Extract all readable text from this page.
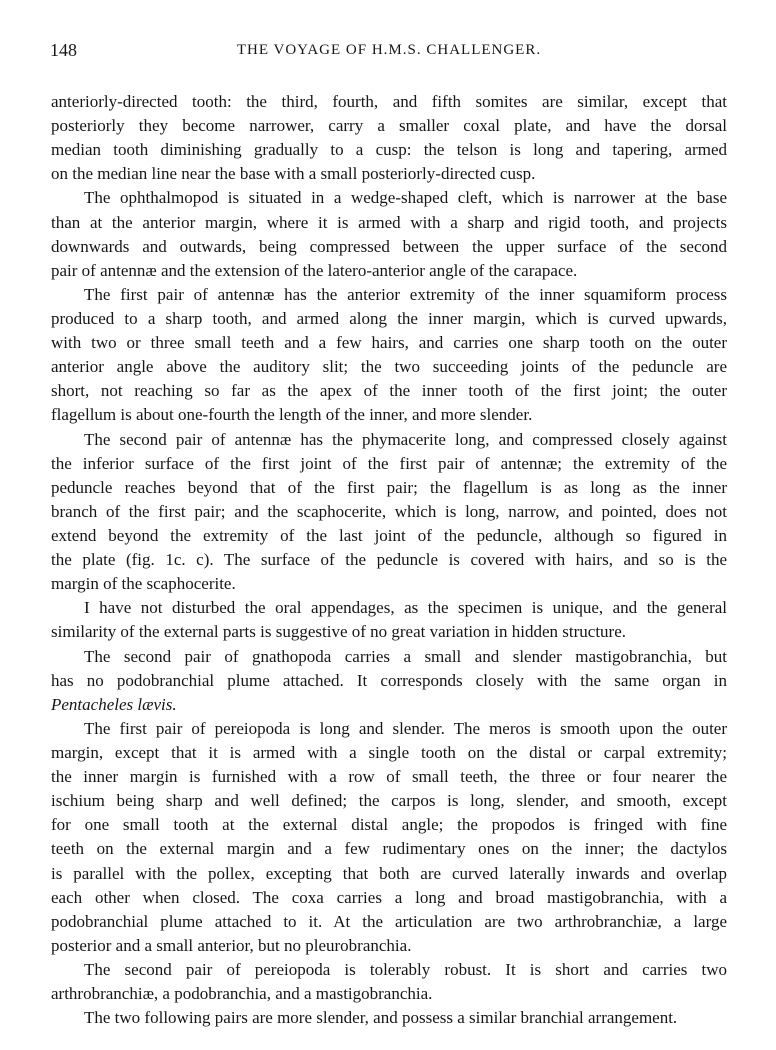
148	THE VOYAGE OF H.M.S. CHALLENGER.
anteriorly-directed tooth: the third, fourth, and fifth somites are similar, except that
posteriorly they become narrower, carry a smaller coxal plate, and have the dorsal
median tooth diminishing gradually to a cusp: the telson is long and tapering, armed
on the median line near the base with a small posteriorly-directed cusp.
The ophthalmopod is situated in a wedge-shaped cleft, which is narrower at the base
than at the anterior margin, where it is armed with a sharp and rigid tooth, and projects
downwards and outwards, being compressed between the upper surface of the second
pair of antennæ and the extension of the latero-anterior angle of the carapace.
The first pair of antennæ has the anterior extremity of the inner squamiform process
produced to a sharp tooth, and armed along the inner margin, which is curved upwards,
with two or three small teeth and a few hairs, and carries one sharp tooth on the outer
anterior angle above the auditory slit; the two succeeding joints of the peduncle are
short, not reaching so far as the apex of the inner tooth of the first joint; the outer
flagellum is about one-fourth the length of the inner, and more slender.
The second pair of antennæ has the phymacerite long, and compressed closely against
the inferior surface of the first joint of the first pair of antennæ; the extremity of the
peduncle reaches beyond that of the first pair; the flagellum is as long as the inner
branch of the first pair; and the scaphocerite, which is long, narrow, and pointed, does not
extend beyond the extremity of the last joint of the peduncle, although so figured in
the plate (fig. 1c. c). The surface of the peduncle is covered with hairs, and so is the
margin of the scaphocerite.
I have not disturbed the oral appendages, as the specimen is unique, and the general
similarity of the external parts is suggestive of no great variation in hidden structure.
The second pair of gnathopoda carries a small and slender mastigobranchia, but
has no podobranchial plume attached. It corresponds closely with the same organ in
Pentacheles lævis.
The first pair of pereiopoda is long and slender. The meros is smooth upon the outer
margin, except that it is armed with a single tooth on the distal or carpal extremity;
the inner margin is furnished with a row of small teeth, the three or four nearer the
ischium being sharp and well defined; the carpos is long, slender, and smooth, except
for one small tooth at the external distal angle; the propodos is fringed with fine
teeth on the external margin and a few rudimentary ones on the inner; the dactylos
is parallel with the pollex, excepting that both are curved laterally inwards and overlap
each other when closed. The coxa carries a long and broad mastigobranchia, with a
podobranchial plume attached to it. At the articulation are two arthrobranchiæ, a large
posterior and a small anterior, but no pleurobranchia.
The second pair of pereiopoda is tolerably robust. It is short and carries two
arthrobranchiæ, a podobranchia, and a mastigobranchia.
The two following pairs are more slender, and possess a similar branchial arrangement.
